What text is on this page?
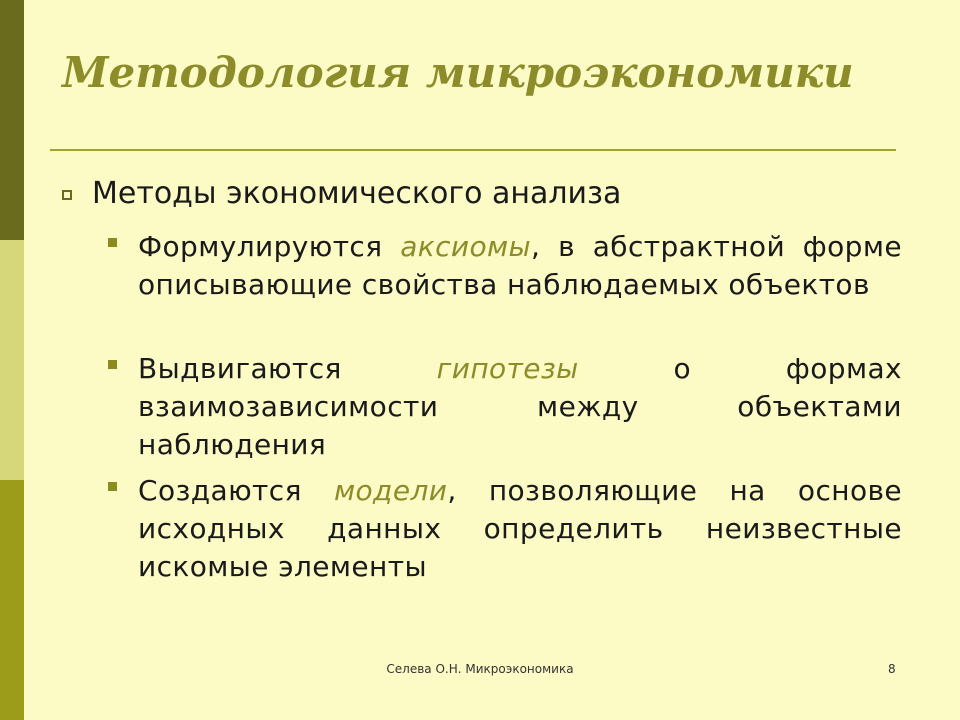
Методология микроэкономики
Методы экономического анализа
Формулируются аксиомы, в абстрактной форме описывающие свойства наблюдаемых объектов
Выдвигаются гипотезы о формах взаимозависимости между объектами наблюдения
Создаются модели, позволяющие на основе исходных данных определить неизвестные искомые элементы
Селева О.Н. Микроэкономика	8
